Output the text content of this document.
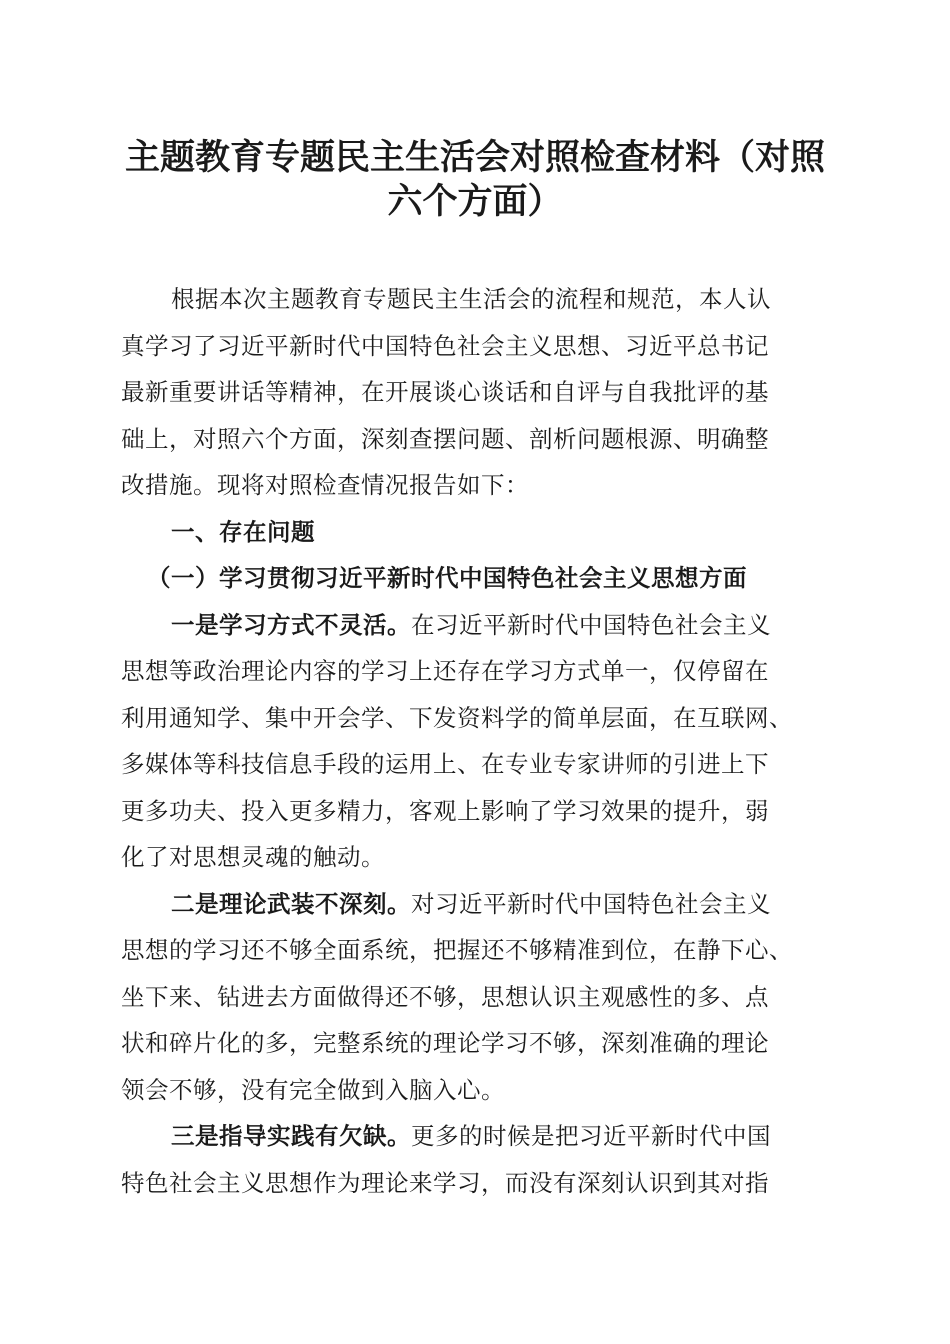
主题教育专题民主生活会对照检查材料（对照
六个方面）
根据本次主题教育专题民主生活会的流程和规范，本人认
真学习了习近平新时代中国特色社会主义思想、习近平总书记
最新重要讲话等精神，在开展谈心谈话和自评与自我批评的基
础上，对照六个方面，深刻查摆问题、剖析问题根源、明确整
改措施。现将对照检查情况报告如下：
一、存在问题
（一）学习贯彻习近平新时代中国特色社会主义思想方面
一是学习方式不灵活。在习近平新时代中国特色社会主义
思想等政治理论内容的学习上还存在学习方式单一，仅停留在
利用通知学、集中开会学、下发资料学的简单层面，在互联网、
多媒体等科技信息手段的运用上、在专业专家讲师的引进上下
更多功夫、投入更多精力，客观上影响了学习效果的提升，弱
化了对思想灵魂的触动。
二是理论武装不深刻。对习近平新时代中国特色社会主义
思想的学习还不够全面系统，把握还不够精准到位，在静下心、
坐下来、钻进去方面做得还不够，思想认识主观感性的多、点
状和碎片化的多，完整系统的理论学习不够，深刻准确的理论
领会不够，没有完全做到入脑入心。
三是指导实践有欠缺。更多的时候是把习近平新时代中国
特色社会主义思想作为理论来学习，而没有深刻认识到其对指
